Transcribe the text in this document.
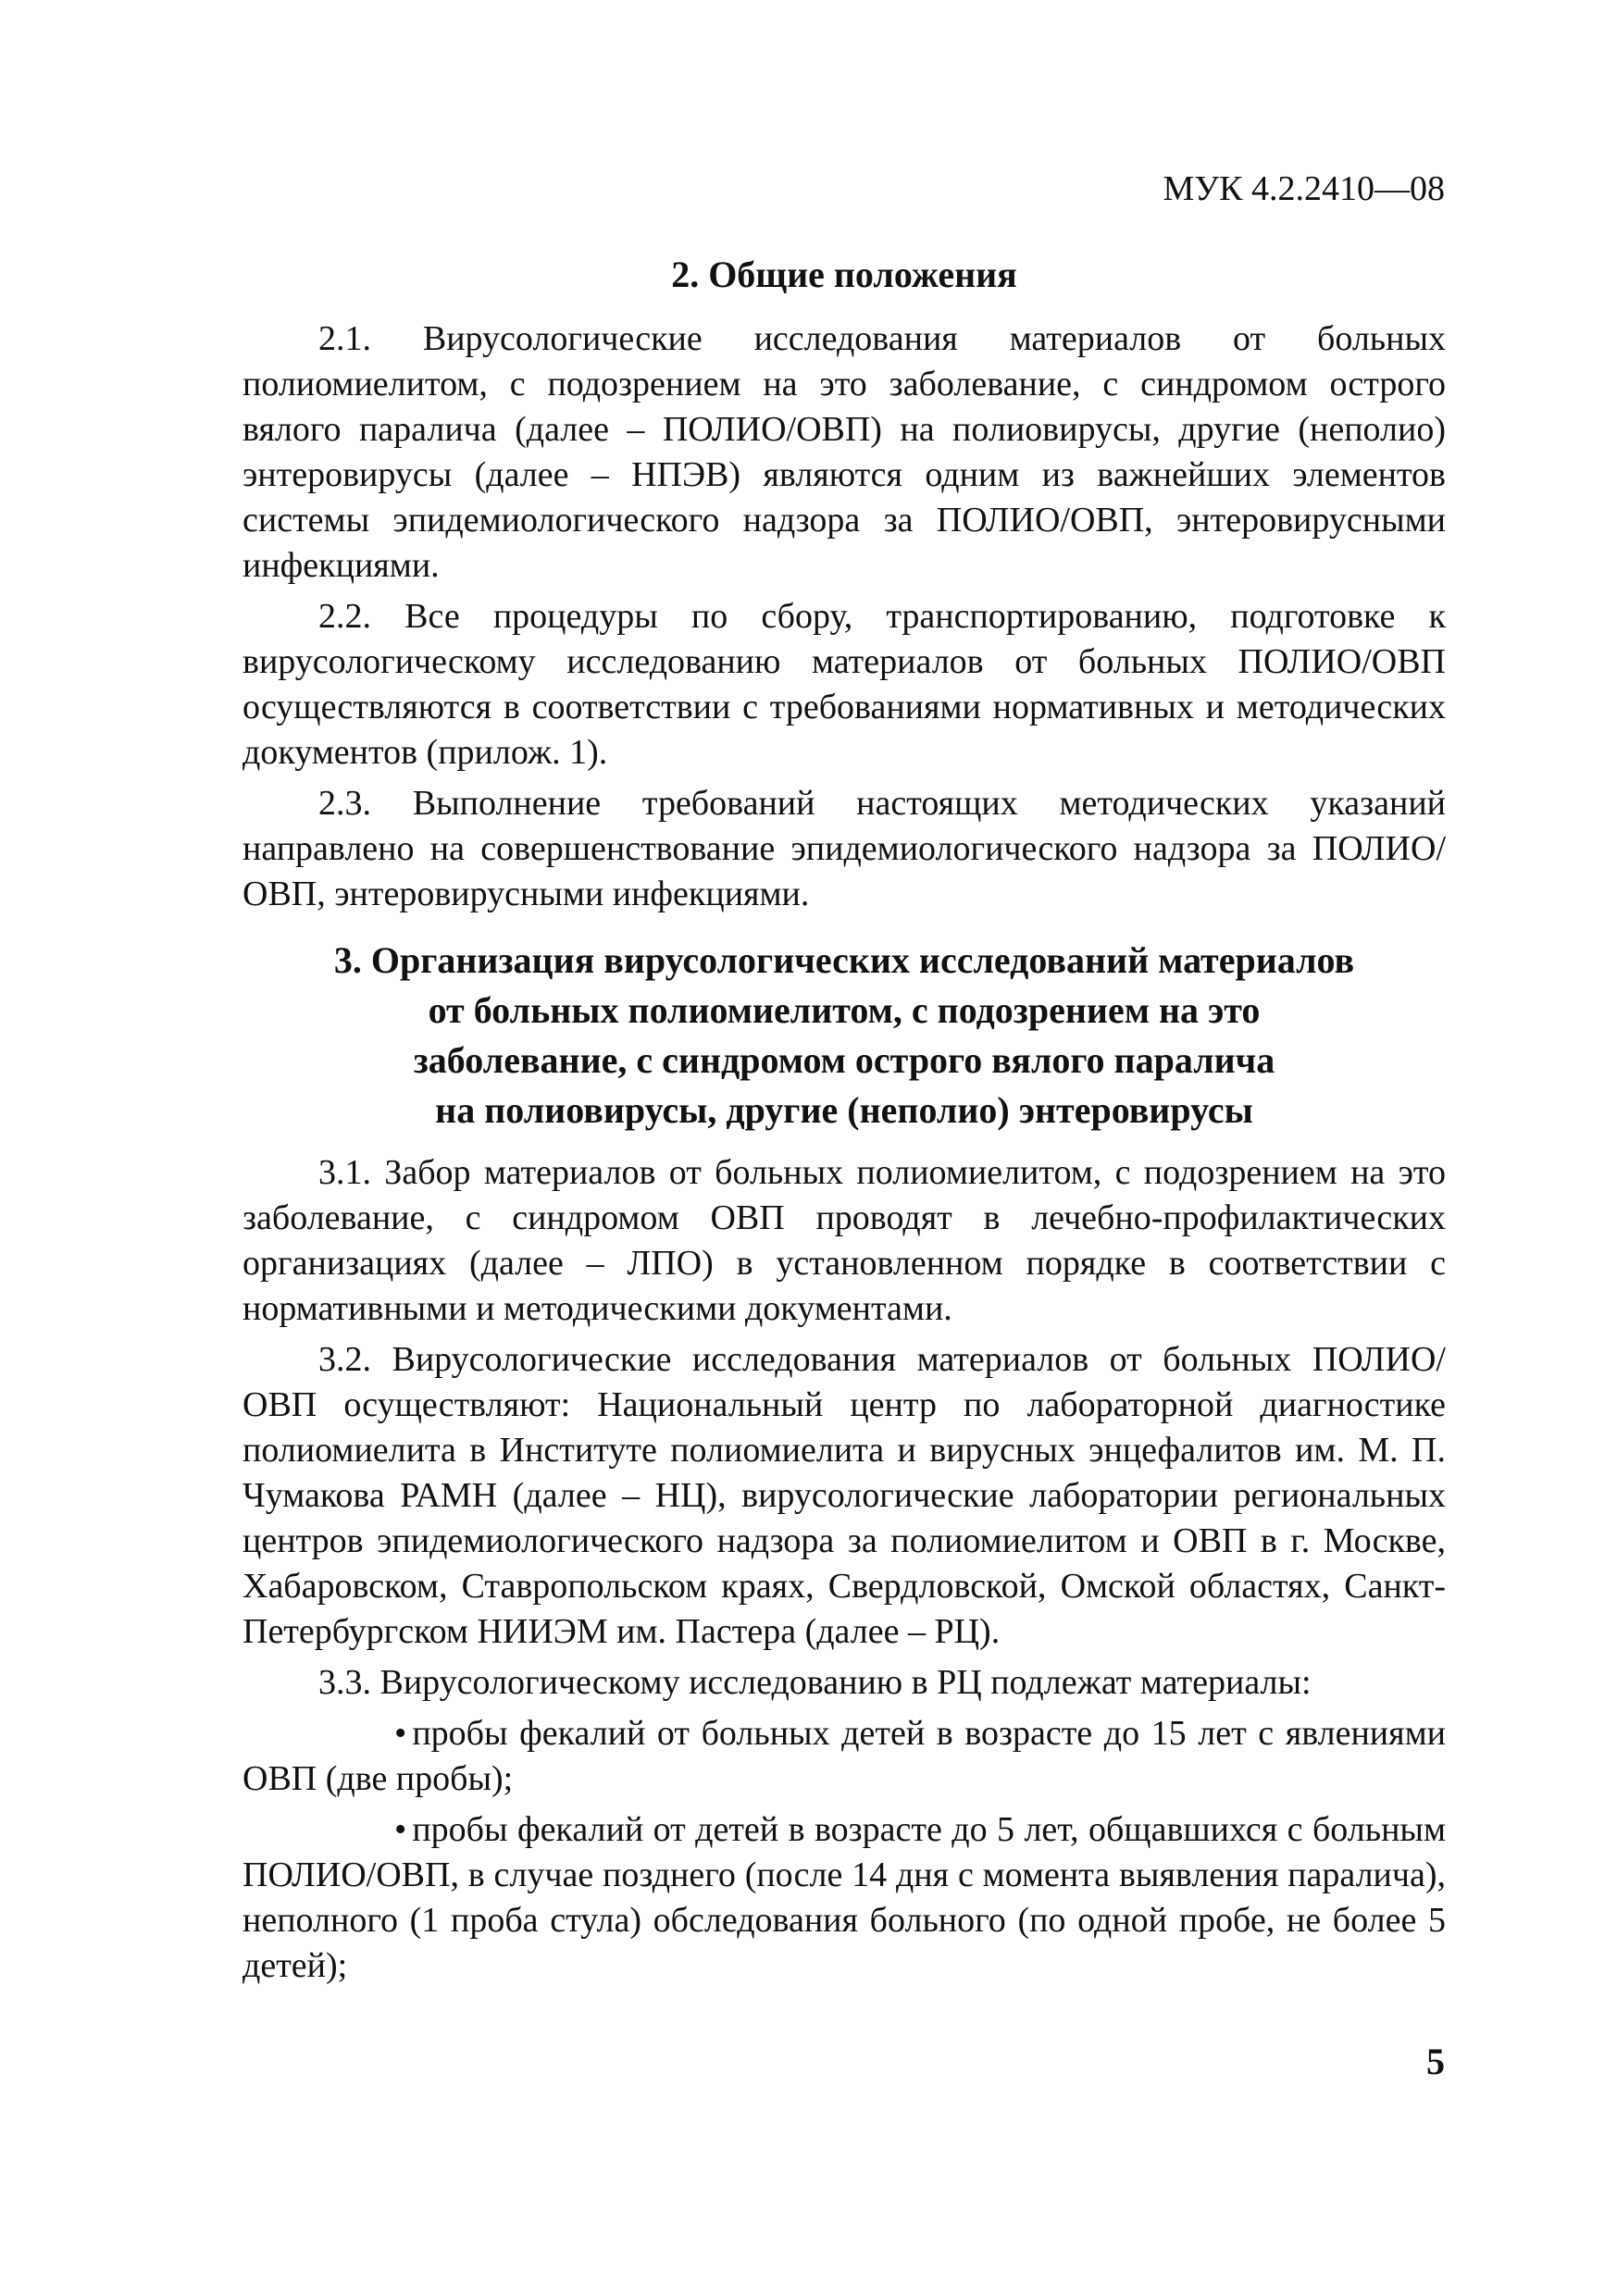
МУК 4.2.2410—08
2. Общие положения

2.1. Вирусологические исследования материалов от больных полиомиелитом, с подозрением на это заболевание, с синдромом острого вялого паралича (далее – ПОЛИО/ОВП) на полиовирусы, другие (неполио) энтеровирусы (далее – НПЭВ) являются одним из важнейших элементов системы эпидемиологического надзора за ПОЛИО/ОВП, энтеровирусными инфекциями.

2.2. Все процедуры по сбору, транспортированию, подготовке к вирусологическому исследованию материалов от больных ПОЛИО/ОВП осуществляются в соответствии с требованиями нормативных и методических документов (прилож. 1).

2.3. Выполнение требований настоящих методических указаний направлено на совершенствование эпидемиологического надзора за ПОЛИО/ОВП, энтеровирусными инфекциями.

3. Организация вирусологических исследований материалов
от больных полиомиелитом, с подозрением на это
заболевание, с синдромом острого вялого паралича
на полиовирусы, другие (неполио) энтеровирусы

3.1. Забор материалов от больных полиомиелитом, с подозрением на это заболевание, с синдромом ОВП проводят в лечебно-профилактических организациях (далее – ЛПО) в установленном порядке в соответствии с нормативными и методическими документами.

3.2. Вирусологические исследования материалов от больных ПОЛИО/ОВП осуществляют: Национальный центр по лабораторной диагностике полиомиелита в Институте полиомиелита и вирусных энцефалитов им. М. П. Чумакова РАМН (далее – НЦ), вирусологические лаборатории региональных центров эпидемиологического надзора за полиомиелитом и ОВП в г. Москве, Хабаровском, Ставропольском краях, Свердловской, Омской областях, Санкт-Петербургском НИИЭМ им. Пастера (далее – РЦ).

3.3. Вирусологическому исследованию в РЦ подлежат материалы:

• пробы фекалий от больных детей в возрасте до 15 лет с явлениями ОВП (две пробы);

• пробы фекалий от детей в возрасте до 5 лет, общавшихся с больным ПОЛИО/ОВП, в случае позднего (после 14 дня с момента выявления паралича), неполного (1 проба стула) обследования больного (по одной пробе, не более 5 детей);

5
